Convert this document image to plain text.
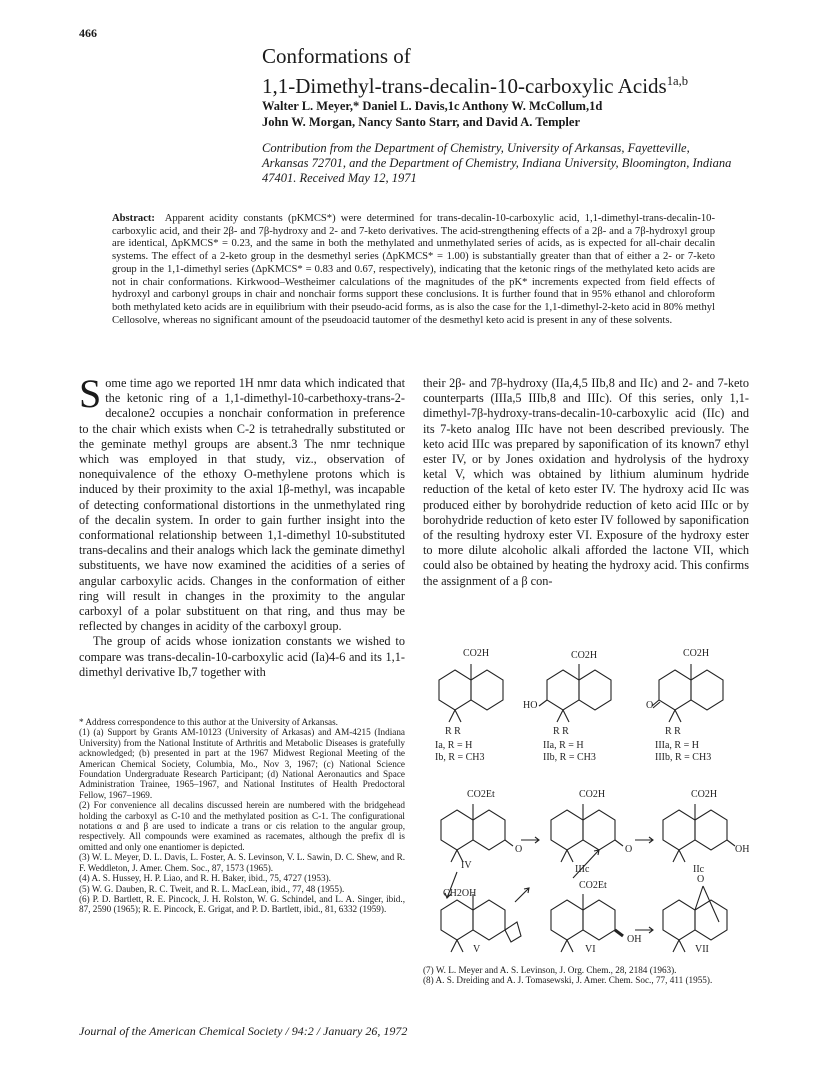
466
Conformations of
1,1-Dimethyl-trans-decalin-10-carboxylic Acids$^{1a,b}$
Walter L. Meyer,* Daniel L. Davis,1c Anthony W. McCollum,1d
John W. Morgan, Nancy Santo Starr, and David A. Templer
Contribution from the Department of Chemistry, University of Arkansas, Fayetteville, Arkansas 72701, and the Department of Chemistry, Indiana University, Bloomington, Indiana 47401. Received May 12, 1971
Abstract: Apparent acidity constants (pKMCS*) were determined for trans-decalin-10-carboxylic acid, 1,1-dimethyl-trans-decalin-10-carboxylic acid, and their 2β- and 7β-hydroxy and 2- and 7-keto derivatives. The acid-strengthening effects of a 2β- and a 7β-hydroxyl group are identical, ΔpKMCS* = 0.23, and the same in both the methylated and unmethylated series of acids, as is expected for all-chair decalin systems. The effect of a 2-keto group in the desmethyl series (ΔpKMCS* = 1.00) is substantially greater than that of either a 2- or 7-keto group in the 1,1-dimethyl series (ΔpKMCS* = 0.83 and 0.67, respectively), indicating that the ketonic rings of the methylated keto acids are not in chair conformations. Kirkwood–Westheimer calculations of the magnitudes of the pK* increments expected from field effects of hydroxyl and carbonyl groups in chair and nonchair forms support these conclusions. It is further found that in 95% ethanol and chloroform both methylated keto acids are in equilibrium with their pseudo-acid forms, as is also the case for the 1,1-dimethyl-2-keto acid in 80% methyl Cellosolve, whereas no significant amount of the pseudoacid tautomer of the desmethyl keto acid is present in any of these solvents.
S ome time ago we reported 1H nmr data which indicated that the ketonic ring of a 1,1-dimethyl-10-carbethoxy-trans-2-decalone2 occupies a nonchair conformation in preference to the chair which exists when C-2 is tetrahedrally substituted or the geminate methyl groups are absent.3 The nmr technique which was employed in that study, viz., observation of nonequivalence of the ethoxy O-methylene protons which is induced by their proximity to the axial 1β-methyl, was incapable of detecting conformational distortions in the unmethylated ring of the decalin system. In order to gain further insight into the conformational relationship between 1,1-dimethyl 10-substituted trans-decalins and their analogs which lack the geminate dimethyl substituents, we have now examined the acidities of a series of angular carboxylic acids. Changes in the conformation of either ring will result in changes in the proximity to the angular carboxyl of a polar substituent on that ring, and thus may be reflected by changes in acidity of the carboxyl group.
The group of acids whose ionization constants we wished to compare was trans-decalin-10-carboxylic acid (Ia)4-6 and its 1,1-dimethyl derivative Ib,7 together with
their 2β- and 7β-hydroxy (IIa,4,5 IIb,8 and IIc) and 2- and 7-keto counterparts (IIIa,5 IIIb,8 and IIIc). Of this series, only 1,1-dimethyl-7β-hydroxy-trans-decalin-10-carboxylic acid (IIc) and its 7-keto analog IIIc have not been described previously. The keto acid IIIc was prepared by saponification of its known7 ethyl ester IV, or by Jones oxidation and hydrolysis of the hydroxy ketal V, which was obtained by lithium aluminum hydride reduction of the ketal of keto ester IV. The hydroxy acid IIc was produced either by borohydride reduction of keto acid IIIc or by borohydride reduction of keto ester IV followed by saponification of the resulting hydroxy ester VI. Exposure of the hydroxy ester to more dilute alcoholic alkali afforded the lactone VII, which could also be obtained by heating the hydroxy acid. This confirms the assignment of a β con-
* Address correspondence to this author at the University of Arkansas.
(1) (a) Support by Grants AM-10123 (University of Arkasas) and AM-4215 (Indiana University) from the National Institute of Arthritis and Metabolic Diseases is gratefully acknowledged; (b) presented in part at the 1967 Midwest Regional Meeting of the American Chemical Society, Columbia, Mo., Nov 3, 1967; (c) National Science Foundation Undergraduate Research Participant; (d) National Aeronautics and Space Administration Trainee, 1965–1967, and National Institutes of Health Predoctoral Fellow, 1967–1969.
(2) For convenience all decalins discussed herein are numbered with the bridgehead holding the carboxyl as C-10 and the methylated position as C-1. The configurational notations α and β are used to indicate a trans or cis relation to the angular group, respectively. All compounds were examined as racemates, although the prefix dl is omitted and only one enantiomer is depicted.
(3) W. L. Meyer, D. L. Davis, L. Foster, A. S. Levinson, V. L. Sawin, D. C. Shew, and R. F. Weddleton, J. Amer. Chem. Soc., 87, 1573 (1965).
(4) A. S. Hussey, H. P. Liao, and R. H. Baker, ibid., 75, 4727 (1953).
(5) W. G. Dauben, R. C. Tweit, and R. L. MacLean, ibid., 77, 48 (1955).
(6) P. D. Bartlett, R. E. Pincock, J. H. Rolston, W. G. Schindel, and L. A. Singer, ibid., 87, 2590 (1965); R. E. Pincock, E. Grigat, and P. D. Bartlett, ibid., 81, 6332 (1959).
(7) W. L. Meyer and A. S. Levinson, J. Org. Chem., 28, 2184 (1963).
(8) A. S. Dreiding and A. J. Tomasewski, J. Amer. Chem. Soc., 77, 411 (1955).
CO2H	CO2H	CO2H
HO	O
R R	R R	R R
Ia, R = H
Ib, R = CH3
IIa, R = H
IIb, R = CH3
IIIa, R = H
IIIb, R = CH3
CO2Et	CO2H	CO2H
O	O	OH
IV	IIIc	IIc
CH2OH
CO2Et
O
OH
V	VI	VII
Journal of the American Chemical Society / 94:2 / January 26, 1972
